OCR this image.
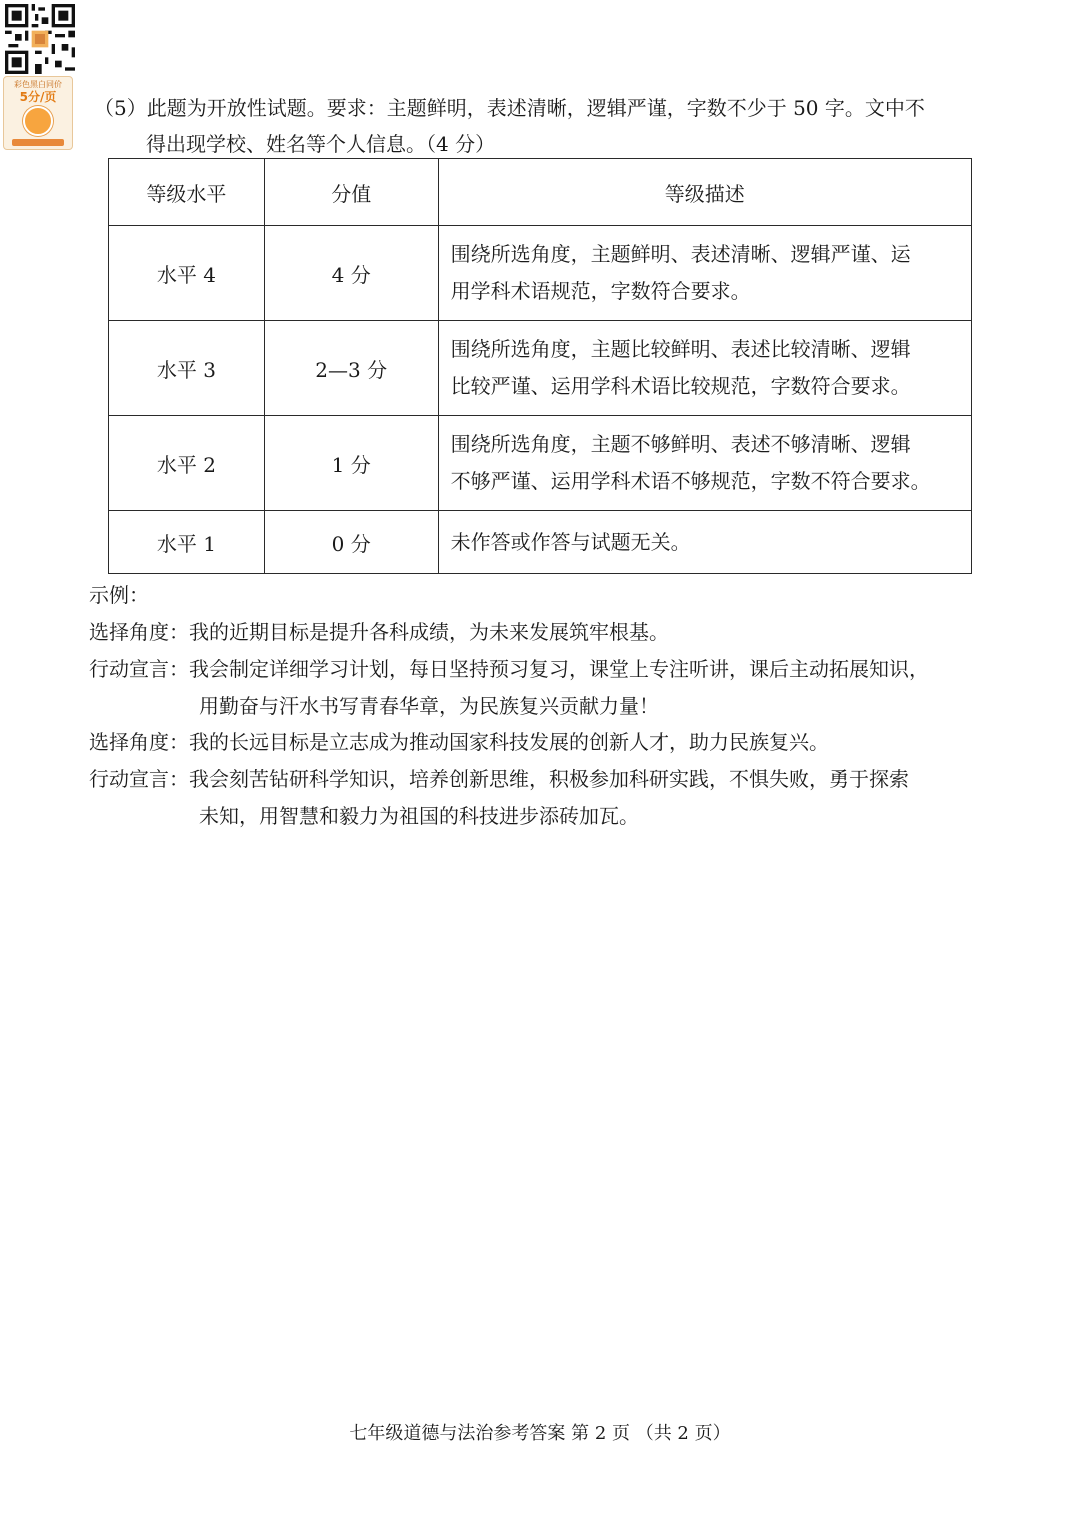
彩色黑白同价
5分/页	（5）此题为开放性试题。要求：主题鲜明，表述清晰，逻辑严谨，字数不少于 50 字。文中不
得出现学校、姓名等个人信息。（4 分）
等级水平	分值	等级描述
水平 4	4 分	围绕所选角度，主题鲜明、表述清晰、逻辑严谨、运
用学科术语规范，字数符合要求。

水平 3	2—3 分	围绕所选角度，主题比较鲜明、表述比较清晰、逻辑
比较严谨、运用学科术语比较规范，字数符合要求。

水平 2	1 分	围绕所选角度，主题不够鲜明、表述不够清晰、逻辑
不够严谨、运用学科术语不够规范，字数不符合要求。

水平 1	0 分	未作答或作答与试题无关。
示例：
选择角度：我的近期目标是提升各科成绩，为未来发展筑牢根基。
行动宣言：我会制定详细学习计划，每日坚持预习复习，课堂上专注听讲，课后主动拓展知识，
用勤奋与汗水书写青春华章，为民族复兴贡献力量！
选择角度：我的长远目标是立志成为推动国家科技发展的创新人才，助力民族复兴。
行动宣言：我会刻苦钻研科学知识，培养创新思维，积极参加科研实践，不惧失败，勇于探索
未知，用智慧和毅力为祖国的科技进步添砖加瓦。
七年级道德与法治参考答案 第 2 页 （共 2 页）
